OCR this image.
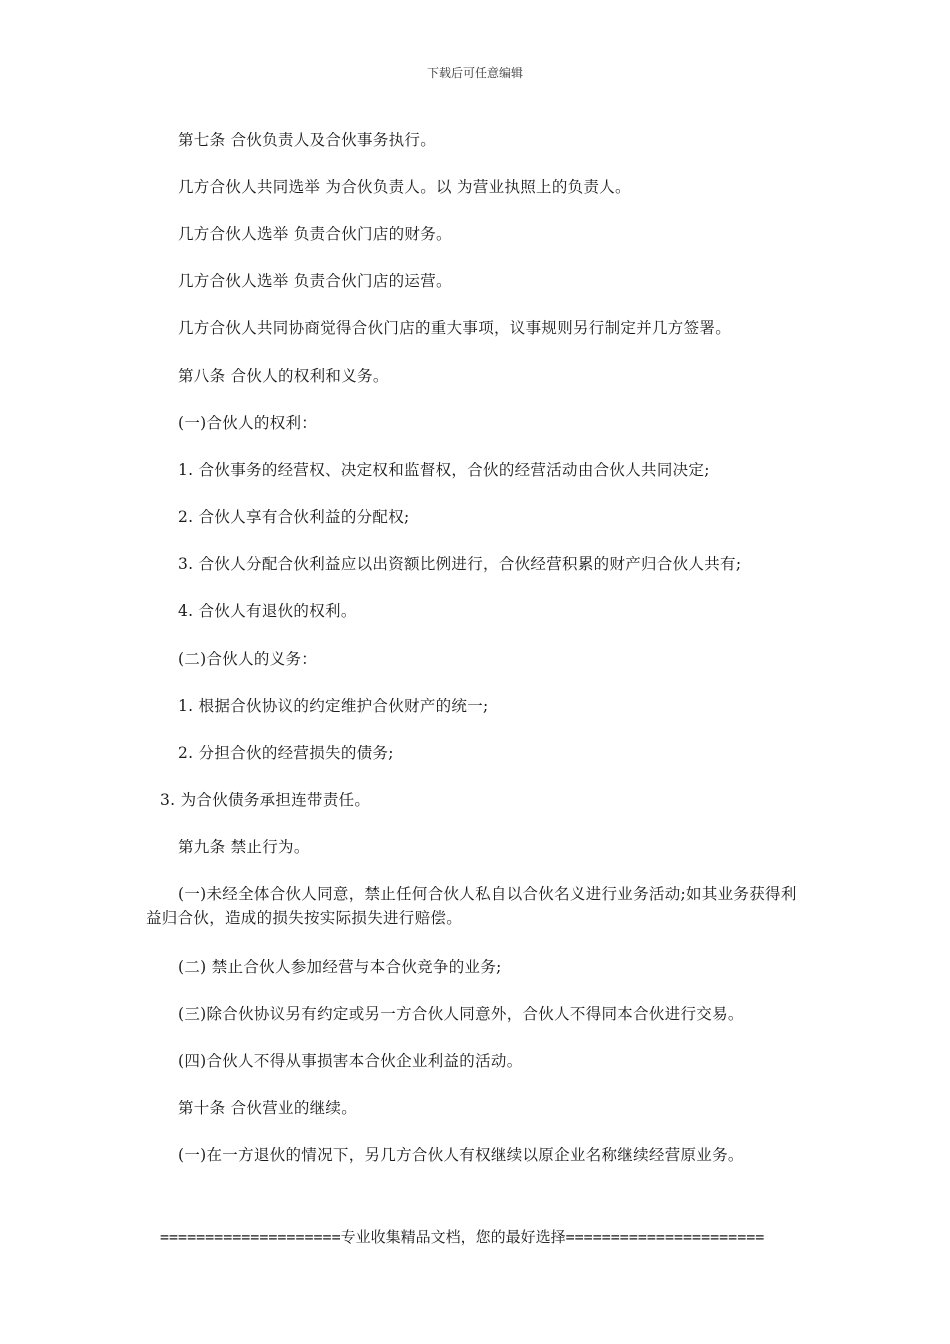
下载后可任意编辑
第七条 合伙负责人及合伙事务执行。
几方合伙人共同选举 为合伙负责人。以 为营业执照上的负责人。
几方合伙人选举 负责合伙门店的财务。
几方合伙人选举 负责合伙门店的运营。
几方合伙人共同协商觉得合伙门店的重大事项，议事规则另行制定并几方签署。
第八条 合伙人的权利和义务。
(一)合伙人的权利：
1. 合伙事务的经营权、决定权和监督权，合伙的经营活动由合伙人共同决定;
2. 合伙人享有合伙利益的分配权;
3. 合伙人分配合伙利益应以出资额比例进行，合伙经营积累的财产归合伙人共有;
4. 合伙人有退伙的权利。
(二)合伙人的义务：
1. 根据合伙协议的约定维护合伙财产的统一;
2. 分担合伙的经营损失的债务;
3. 为合伙债务承担连带责任。
第九条 禁止行为。
(一)未经全体合伙人同意，禁止任何合伙人私自以合伙名义进行业务活动;如其业务获得利益归合伙，造成的损失按实际损失进行赔偿。
(二) 禁止合伙人参加经营与本合伙竞争的业务;
(三)除合伙协议另有约定或另一方合伙人同意外，合伙人不得同本合伙进行交易。
(四)合伙人不得从事损害本合伙企业利益的活动。
第十条 合伙营业的继续。
(一)在一方退伙的情况下，另几方合伙人有权继续以原企业名称继续经营原业务。
====================专业收集精品文档，您的最好选择======================
